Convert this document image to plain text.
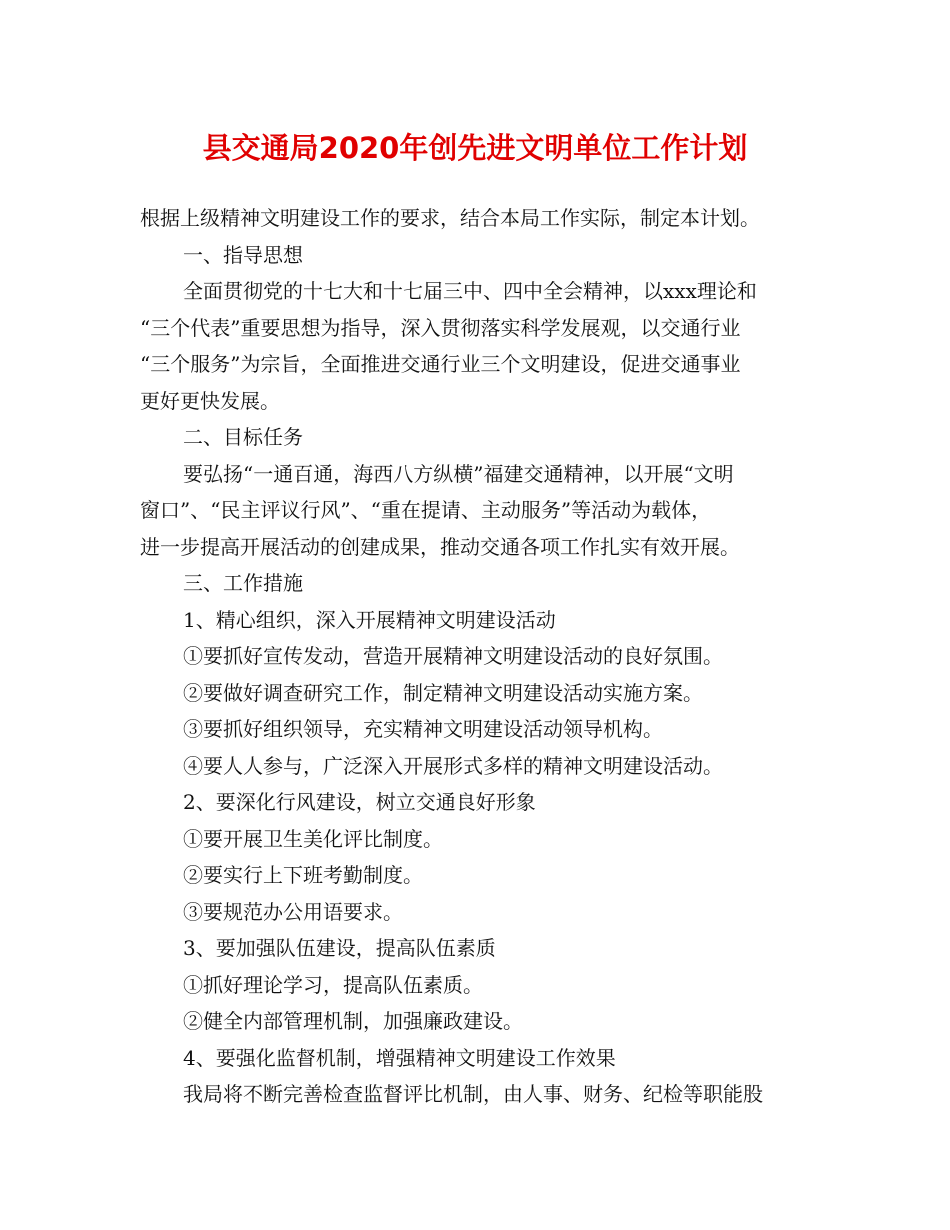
县交通局2020年创先进文明单位工作计划

根据上级精神文明建设工作的要求，结合本局工作实际，制定本计划。

一、指导思想

全面贯彻党的十七大和十七届三中、四中全会精神，以xxx理论和

“三个代表”重要思想为指导，深入贯彻落实科学发展观，以交通行业

“三个服务”为宗旨，全面推进交通行业三个文明建设，促进交通事业

更好更快发展。

二、目标任务

要弘扬“一通百通，海西八方纵横”福建交通精神，以开展“文明

窗口”、“民主评议行风”、“重在提请、主动服务”等活动为载体，

进一步提高开展活动的创建成果，推动交通各项工作扎实有效开展。

三、工作措施

1、精心组织，深入开展精神文明建设活动

①要抓好宣传发动，营造开展精神文明建设活动的良好氛围。

②要做好调查研究工作，制定精神文明建设活动实施方案。

③要抓好组织领导，充实精神文明建设活动领导机构。

④要人人参与，广泛深入开展形式多样的精神文明建设活动。

2、要深化行风建设，树立交通良好形象

①要开展卫生美化评比制度。

②要实行上下班考勤制度。

③要规范办公用语要求。

3、要加强队伍建设，提高队伍素质

①抓好理论学习，提高队伍素质。

②健全内部管理机制，加强廉政建设。

4、要强化监督机制，增强精神文明建设工作效果

我局将不断完善检查监督评比机制，由人事、财务、纪检等职能股
